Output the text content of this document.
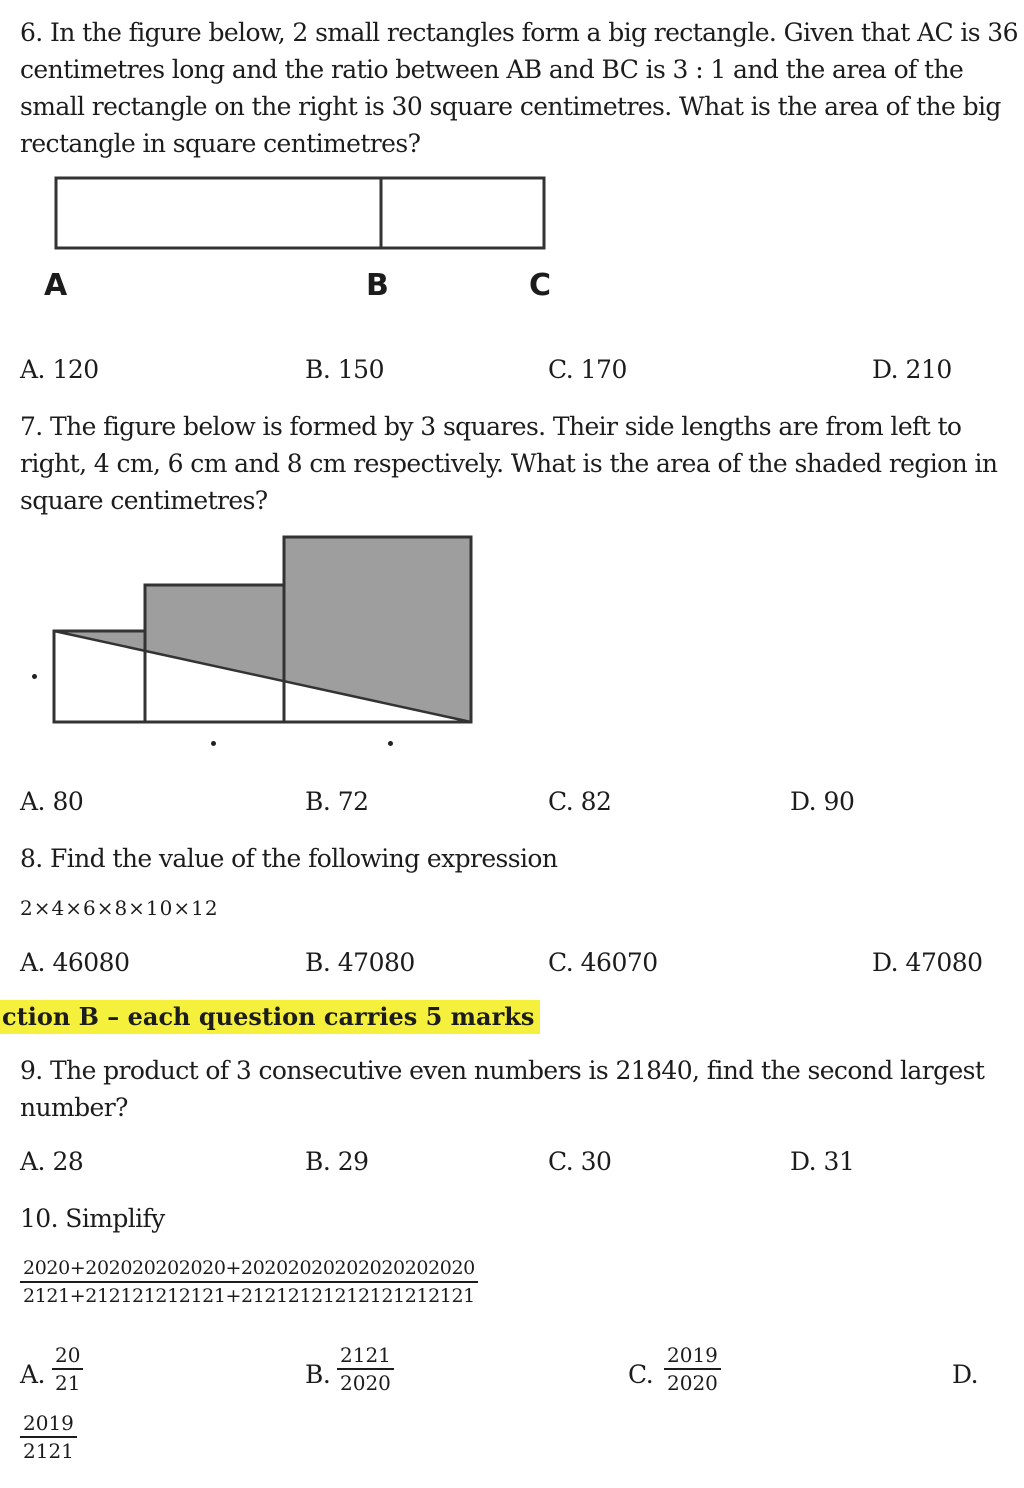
6. In the figure below, 2 small rectangles form a big rectangle. Given that AC is 36
centimetres long and the ratio between AB and BC is 3 : 1 and the area of the
small rectangle on the right is 30 square centimetres. What is the area of the big
rectangle in square centimetres?
A	B	C
A. 120	B. 150	C. 170	D. 210
7. The figure below is formed by 3 squares. Their side lengths are from left to
right, 4 cm, 6 cm and 8 cm respectively. What is the area of the shaded region in
square centimetres?
A. 80	B. 72	C. 82	D. 90
8. Find the value of the following expression
2×4×6×8×10×12
A. 46080	B. 47080	C. 46070	D. 47080
ction B – each question carries 5 marks
9. The product of 3 consecutive even numbers is 21840, find the second largest
number?
A. 28	B. 29	C. 30	D. 31
10. Simplify
$\frac{2020+202020202020+20202020202020202020}{2121+212121212121+21212121212121212121}$
A. $\frac{20}{21}$	B. $\frac{2121}{2020}$	C. $\frac{2019}{2020}$	D.
$\frac{2019}{2121}$
